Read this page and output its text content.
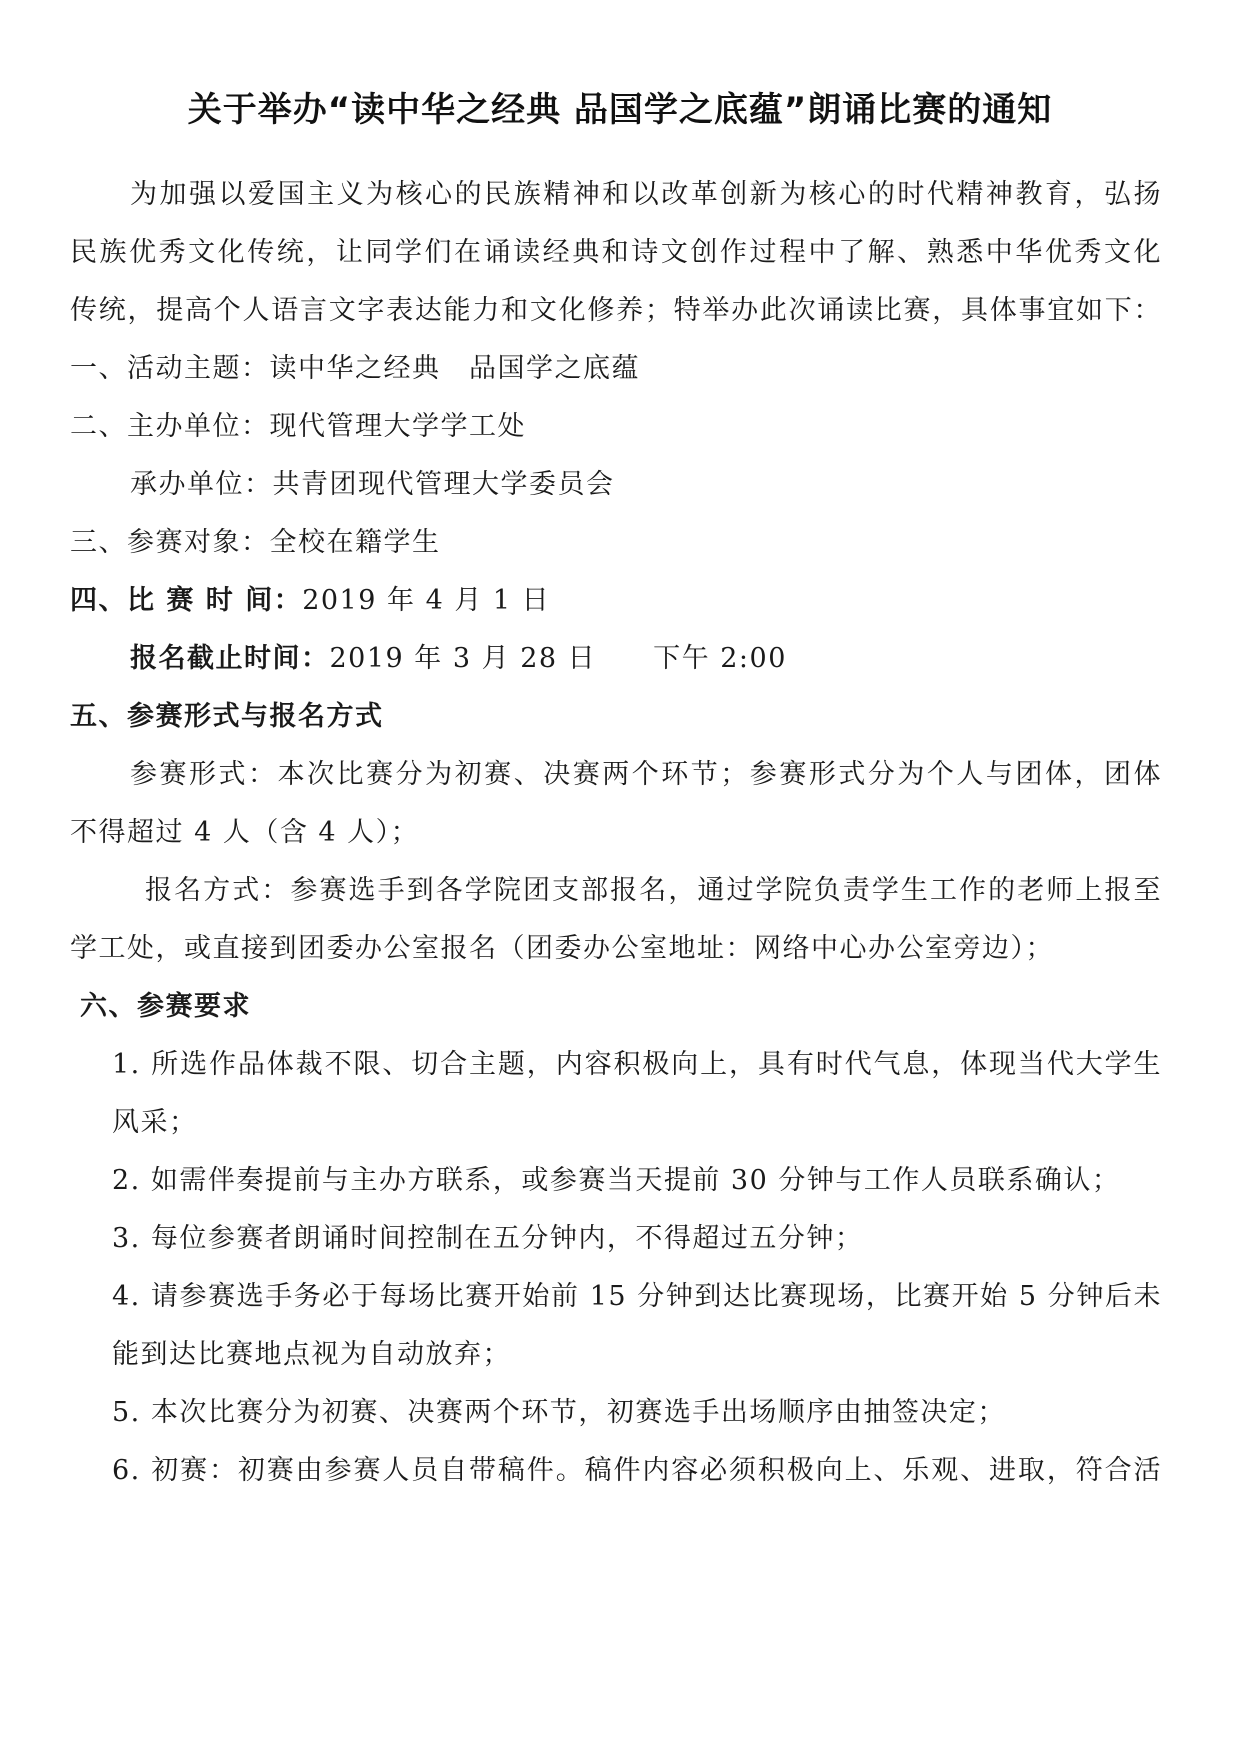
关于举办“读中华之经典 品国学之底蕴”朗诵比赛的通知
为加强以爱国主义为核心的民族精神和以改革创新为核心的时代精神教育，弘扬
民族优秀文化传统，让同学们在诵读经典和诗文创作过程中了解、熟悉中华优秀文化
传统，提高个人语言文字表达能力和文化修养；特举办此次诵读比赛，具体事宜如下：
一、活动主题：读中华之经典　品国学之底蕴
二、主办单位：现代管理大学学工处
承办单位：共青团现代管理大学委员会
三、参赛对象：全校在籍学生
四、比 赛 时 间：2019 年 4 月 1 日
报名截止时间：2019 年 3 月 28 日　　下午 2:00
五、参赛形式与报名方式
参赛形式：本次比赛分为初赛、决赛两个环节；参赛形式分为个人与团体，团体
不得超过 4 人（含 4 人）；
报名方式：参赛选手到各学院团支部报名，通过学院负责学生工作的老师上报至
学工处，或直接到团委办公室报名（团委办公室地址：网络中心办公室旁边）；
六、参赛要求
1. 所选作品体裁不限、切合主题，内容积极向上，具有时代气息，体现当代大学生
风采；
2. 如需伴奏提前与主办方联系，或参赛当天提前 30 分钟与工作人员联系确认；
3. 每位参赛者朗诵时间控制在五分钟内，不得超过五分钟；
4. 请参赛选手务必于每场比赛开始前 15 分钟到达比赛现场，比赛开始 5 分钟后未
能到达比赛地点视为自动放弃；
5. 本次比赛分为初赛、决赛两个环节，初赛选手出场顺序由抽签决定；
6. 初赛：初赛由参赛人员自带稿件。稿件内容必须积极向上、乐观、进取，符合活
